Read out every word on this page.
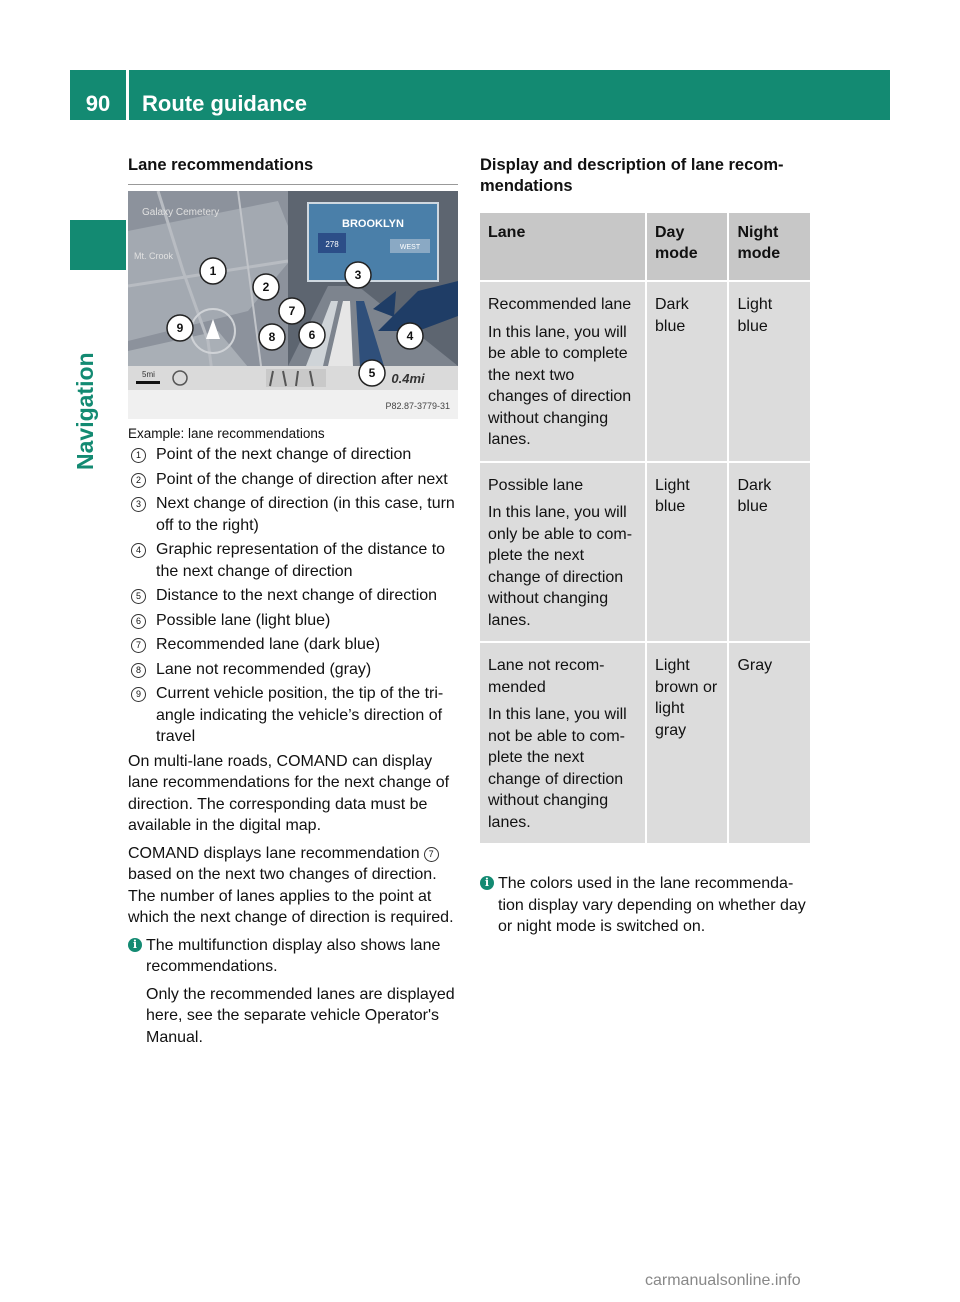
90	Route guidance
Navigation
Lane recommendations
1
2
3
4
5
6
7
8
9
Galaxy Cemetery
Mt. Crook
BROOKLYN
278	WEST
0.4mi
5mi
P82.87-3779-31
Example: lane recommendations
1 Point of the next change of direction
2 Point of the change of direction after next
3 Next change of direction (in this case, turn off to the right)
4 Graphic representation of the distance to the next change of direction
5 Distance to the next change of direction
6 Possible lane (light blue)
7 Recommended lane (dark blue)
8 Lane not recommended (gray)
9 Current vehicle position, the tip of the tri-angle indicating the vehicle’s direction of travel

On multi-lane roads, COMAND can display lane recommendations for the next change of direction. The corresponding data must be available in the digital map.

COMAND displays lane recommendation 7 based on the next two changes of direction. The number of lanes applies to the point at which the next change of direction is required.

i The multifunction display also shows lane recommendations.

Only the recommended lanes are displayed here, see the separate vehicle Operator's Manual.

Display and description of lane recom-mendations
Lane	Day mode	Night mode

Recommended lane
In this lane, you will be able to complete the next two changes of direction without changing lanes.	Dark blue	Light blue

Possible lane
In this lane, you will only be able to com-plete the next change of direction without changing lanes.	Light blue	Dark blue

Lane not recom-mended
In this lane, you will not be able to com-plete the next change of direction without changing lanes.	Light brown or light gray	Gray
i The colors used in the lane recommenda-tion display vary depending on whether day or night mode is switched on.

carmanualsonline.info
